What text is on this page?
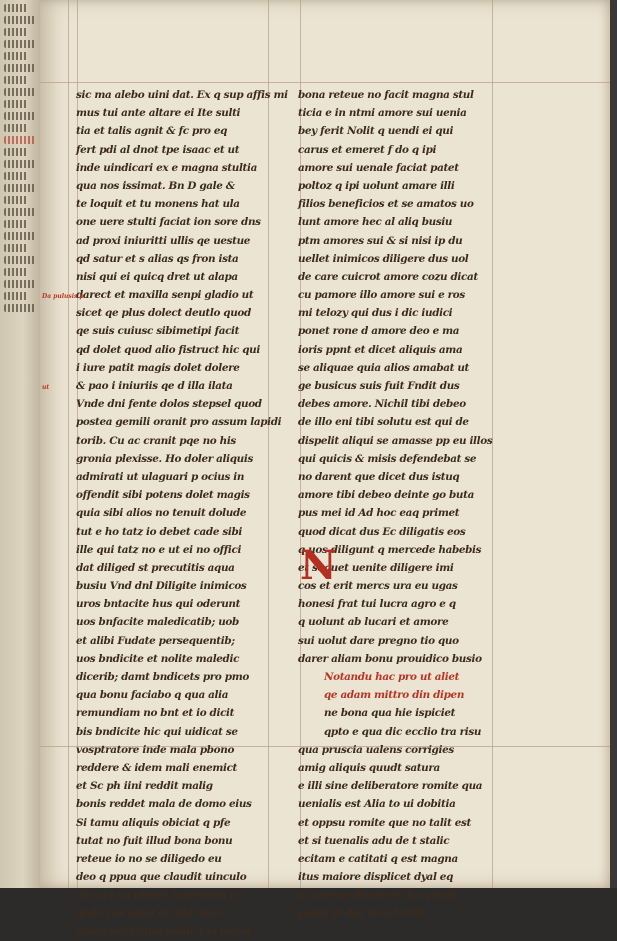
Da pulusis p
ut
sic ma alebo uini dat. Ex q sup affis mi
mus tui ante altare ei Ite sulti
tia et talis agnit & fc pro eq
fert pdi al dnot tpe isaac et ut
inde uindicari ex e magna stultia
qua nos issimat. Bn D gale &
te loquit et tu monens hat ula
one uere stulti faciat ion sore dns
ad proxi iniuritti ullis qe uestue
qd satur et s alias qs fron ista
nisi qui ei quicq dret ut alapa
darect et maxilla senpi gladio ut
sicet qe plus dolect deutlo quod
qe suis cuiusc sibimetipi facit
qd dolet quod alio fistruct hic qui
i iure patit magis dolet dolere
& pao i iniuriis qe d illa ilata
Vnde dni fente dolos stepsel quod
postea gemili oranit pro assum lapidi
torib. Cu ac cranit pqe no his
gronia plexisse. Ho doler aliquis
admirati ut ulaguari p ocius in
offendit sibi potens dolet magis
quia sibi alios no tenuit dolude
tut e ho tatz io debet cade sibi
ille qui tatz no e ut ei no offici
dat diliged st precutitis aqua
busiu Vnd dnl Diligite inimicos
uros bntacite hus qui oderunt
uos bnfacite maledicatib; uob
et alibi Fudate persequentib;
uos bndicite et nolite maledic
dicerib; damt bndicets pro pmo
qua bonu faciabo q qua alia
remundiam no bnt et io dicit
bis bndicite hic qui uidicat se
vosptratore inde mala pbono
reddere & idem mali enemict
et Sc ph iini reddit malig
bonis reddet mala de domo eius
Si tamu aliquis obiciat q pfe
tutat no fuit illud bona bonu
reteue io no se diligedo eu
deo q ppua que claudit uinculo
alicuiq no phibet ingredieti pu
qedo cos amat ab illo uaq e
uinea licet illud bonu q ei faciat
N
bona reteue no facit magna stul
ticia e in ntmi amore sui uenia
bey ferit Nolit q uendi ei qui
carus et emeret f do q ipi
amore sui uenale faciat patet
poltoz q ipi uolunt amare illi
filios beneficios et se amatos uo
lunt amore hec al aliq busiu
ptm amores sui & si nisi ip du
uellet inimicos diligere dus uol
de care cuicrot amore cozu dicat
cu pamore illo amore sui e ros
mi telozy qui dus i dic iudici
ponet rone d amore deo e ma
ioris ppnt et dicet aliquis ama
se aliquae quia alios amabat ut
ge busicus suis fuit Fndit dus
debes amore. Nichil tibi debeo
de illo eni tibi solutu est qui de
dispelit aliqui se amasse pp eu illos
qui quicis & misis defendebat se
no darent que dicet dus istuq
amore tibi debeo deinte go buta
pus mei id Ad hoc eaq primet
quod dicat dus Ec diligatis eos
q uos diligunt q mercede habebis
et sequet uenite diligere imi
cos et erit mercs ura eu ugas
honesi frat tui lucra agro e q
q uolunt ab lucari et amore
sui uolut dare pregno tio quo
darer aliam bonu prouidico busio
Notandu hac pro ut aliet
qe adam mittro din dipen
ne bona qua hie ispiciet
qpto e qua dic ecclio tra risu
qua pruscia ualens corrigies
amig aliquis quudt satura
e illi sine deliberatore romite qua
uenialis est Alia to ui dobitia
et oppsu romite que no talit est
et si tuenalis adu de t stalic
ecitam e catitati q est magna
itus maiore displicet dyal eq
at maiore displicet dya pmitt
pobis gt dur Non tirrat
